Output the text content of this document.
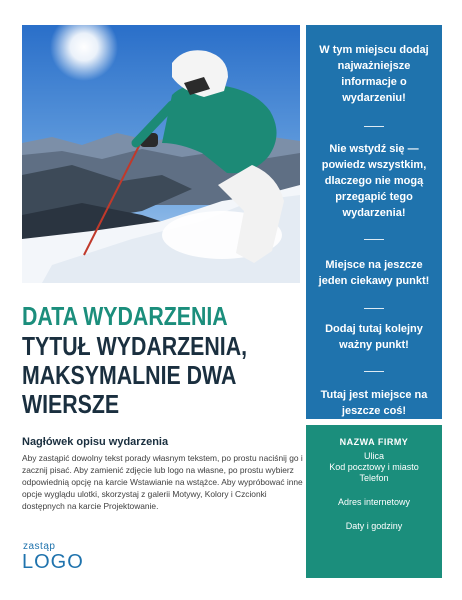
W tym miejscu dodaj najważniejsze informacje o wydarzeniu!
Nie wstydź się — powiedz wszystkim, dlaczego nie mogą przegapić tego wydarzenia!
Miejsce na jeszcze jeden ciekawy punkt!
Dodaj tutaj kolejny ważny punkt!
Tutaj jest miejsce na jeszcze coś!
NAZWA FIRMY
Ulica
Kod pocztowy i miasto
Telefon
Adres internetowy
Daty i godziny
DATA WYDARZENIA
TYTUŁ WYDARZENIA, MAKSYMALNIE DWA WIERSZE
Nagłówek opisu wydarzenia
Aby zastąpić dowolny tekst porady własnym tekstem, po prostu naciśnij go i zacznij pisać. Aby zamienić zdjęcie lub logo na własne, po prostu wybierz odpowiednią opcję na karcie Wstawianie na wstążce. Aby wypróbować inne opcje wyglądu ulotki, skorzystaj z galerii Motywy, Kolory i Czcionki dostępnych na karcie Projektowanie.
zastąp
LOGO
